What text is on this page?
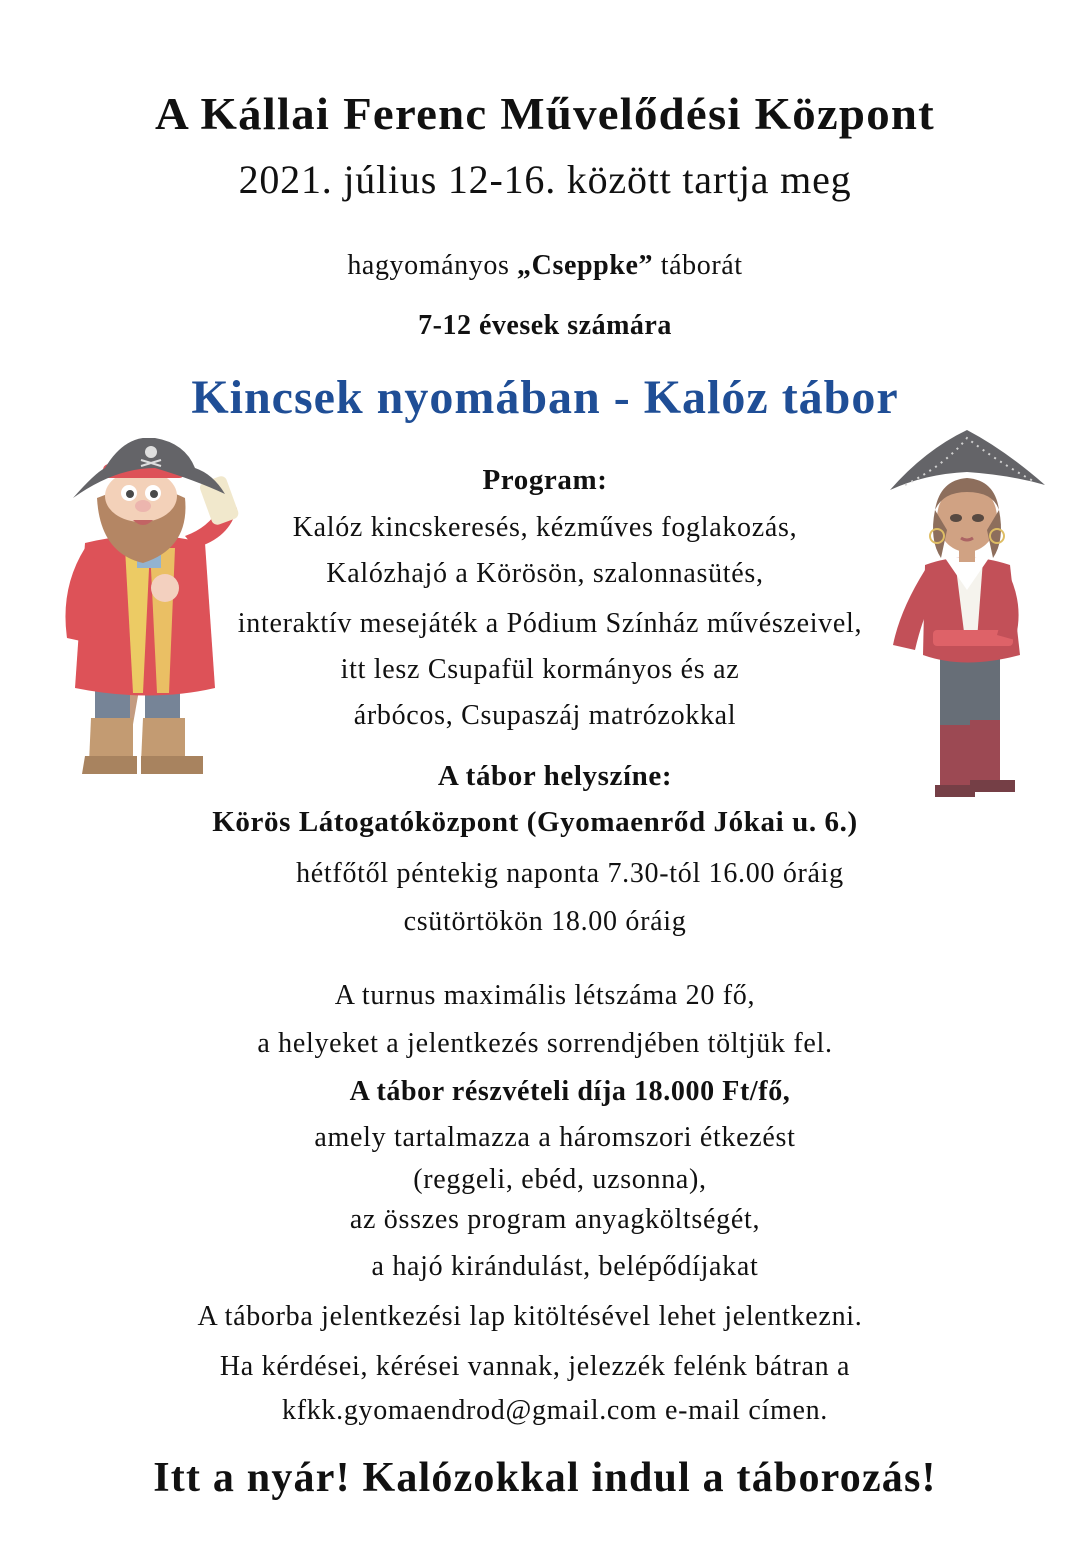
A Kállai Ferenc Művelődési Központ
2021. július 12-16. között tartja meg
hagyományos „Cseppke” táborát
7-12 évesek számára
Kincsek nyomában - Kalóz tábor
Program:
Kalóz kincskeresés, kézműves foglakozás,
Kalózhajó a Körösön, szalonnasütés,
interaktív mesejáték a Pódium Színház művészeivel,
itt lesz Csupafül kormányos és az
árbócos, Csupaszáj matrózokkal
A tábor helyszíne:
Körös Látogatóközpont (Gyomaenrőd Jókai u. 6.)
hétfőtől péntekig naponta 7.30-tól 16.00 óráig
csütörtökön 18.00 óráig
A turnus maximális létszáma 20 fő,
a helyeket a jelentkezés sorrendjében töltjük fel.
A tábor részvételi díja 18.000 Ft/fő,
amely tartalmazza a háromszori étkezést
(reggeli, ebéd, uzsonna),
az összes program anyagköltségét,
a hajó kirándulást, belépődíjakat
A táborba jelentkezési lap kitöltésével lehet jelentkezni.
Ha kérdései, kérései vannak, jelezzék felénk bátran a
kfkk.gyomaendrod@gmail.com e-mail címen.
Itt a nyár! Kalózokkal indul a táborozás!
